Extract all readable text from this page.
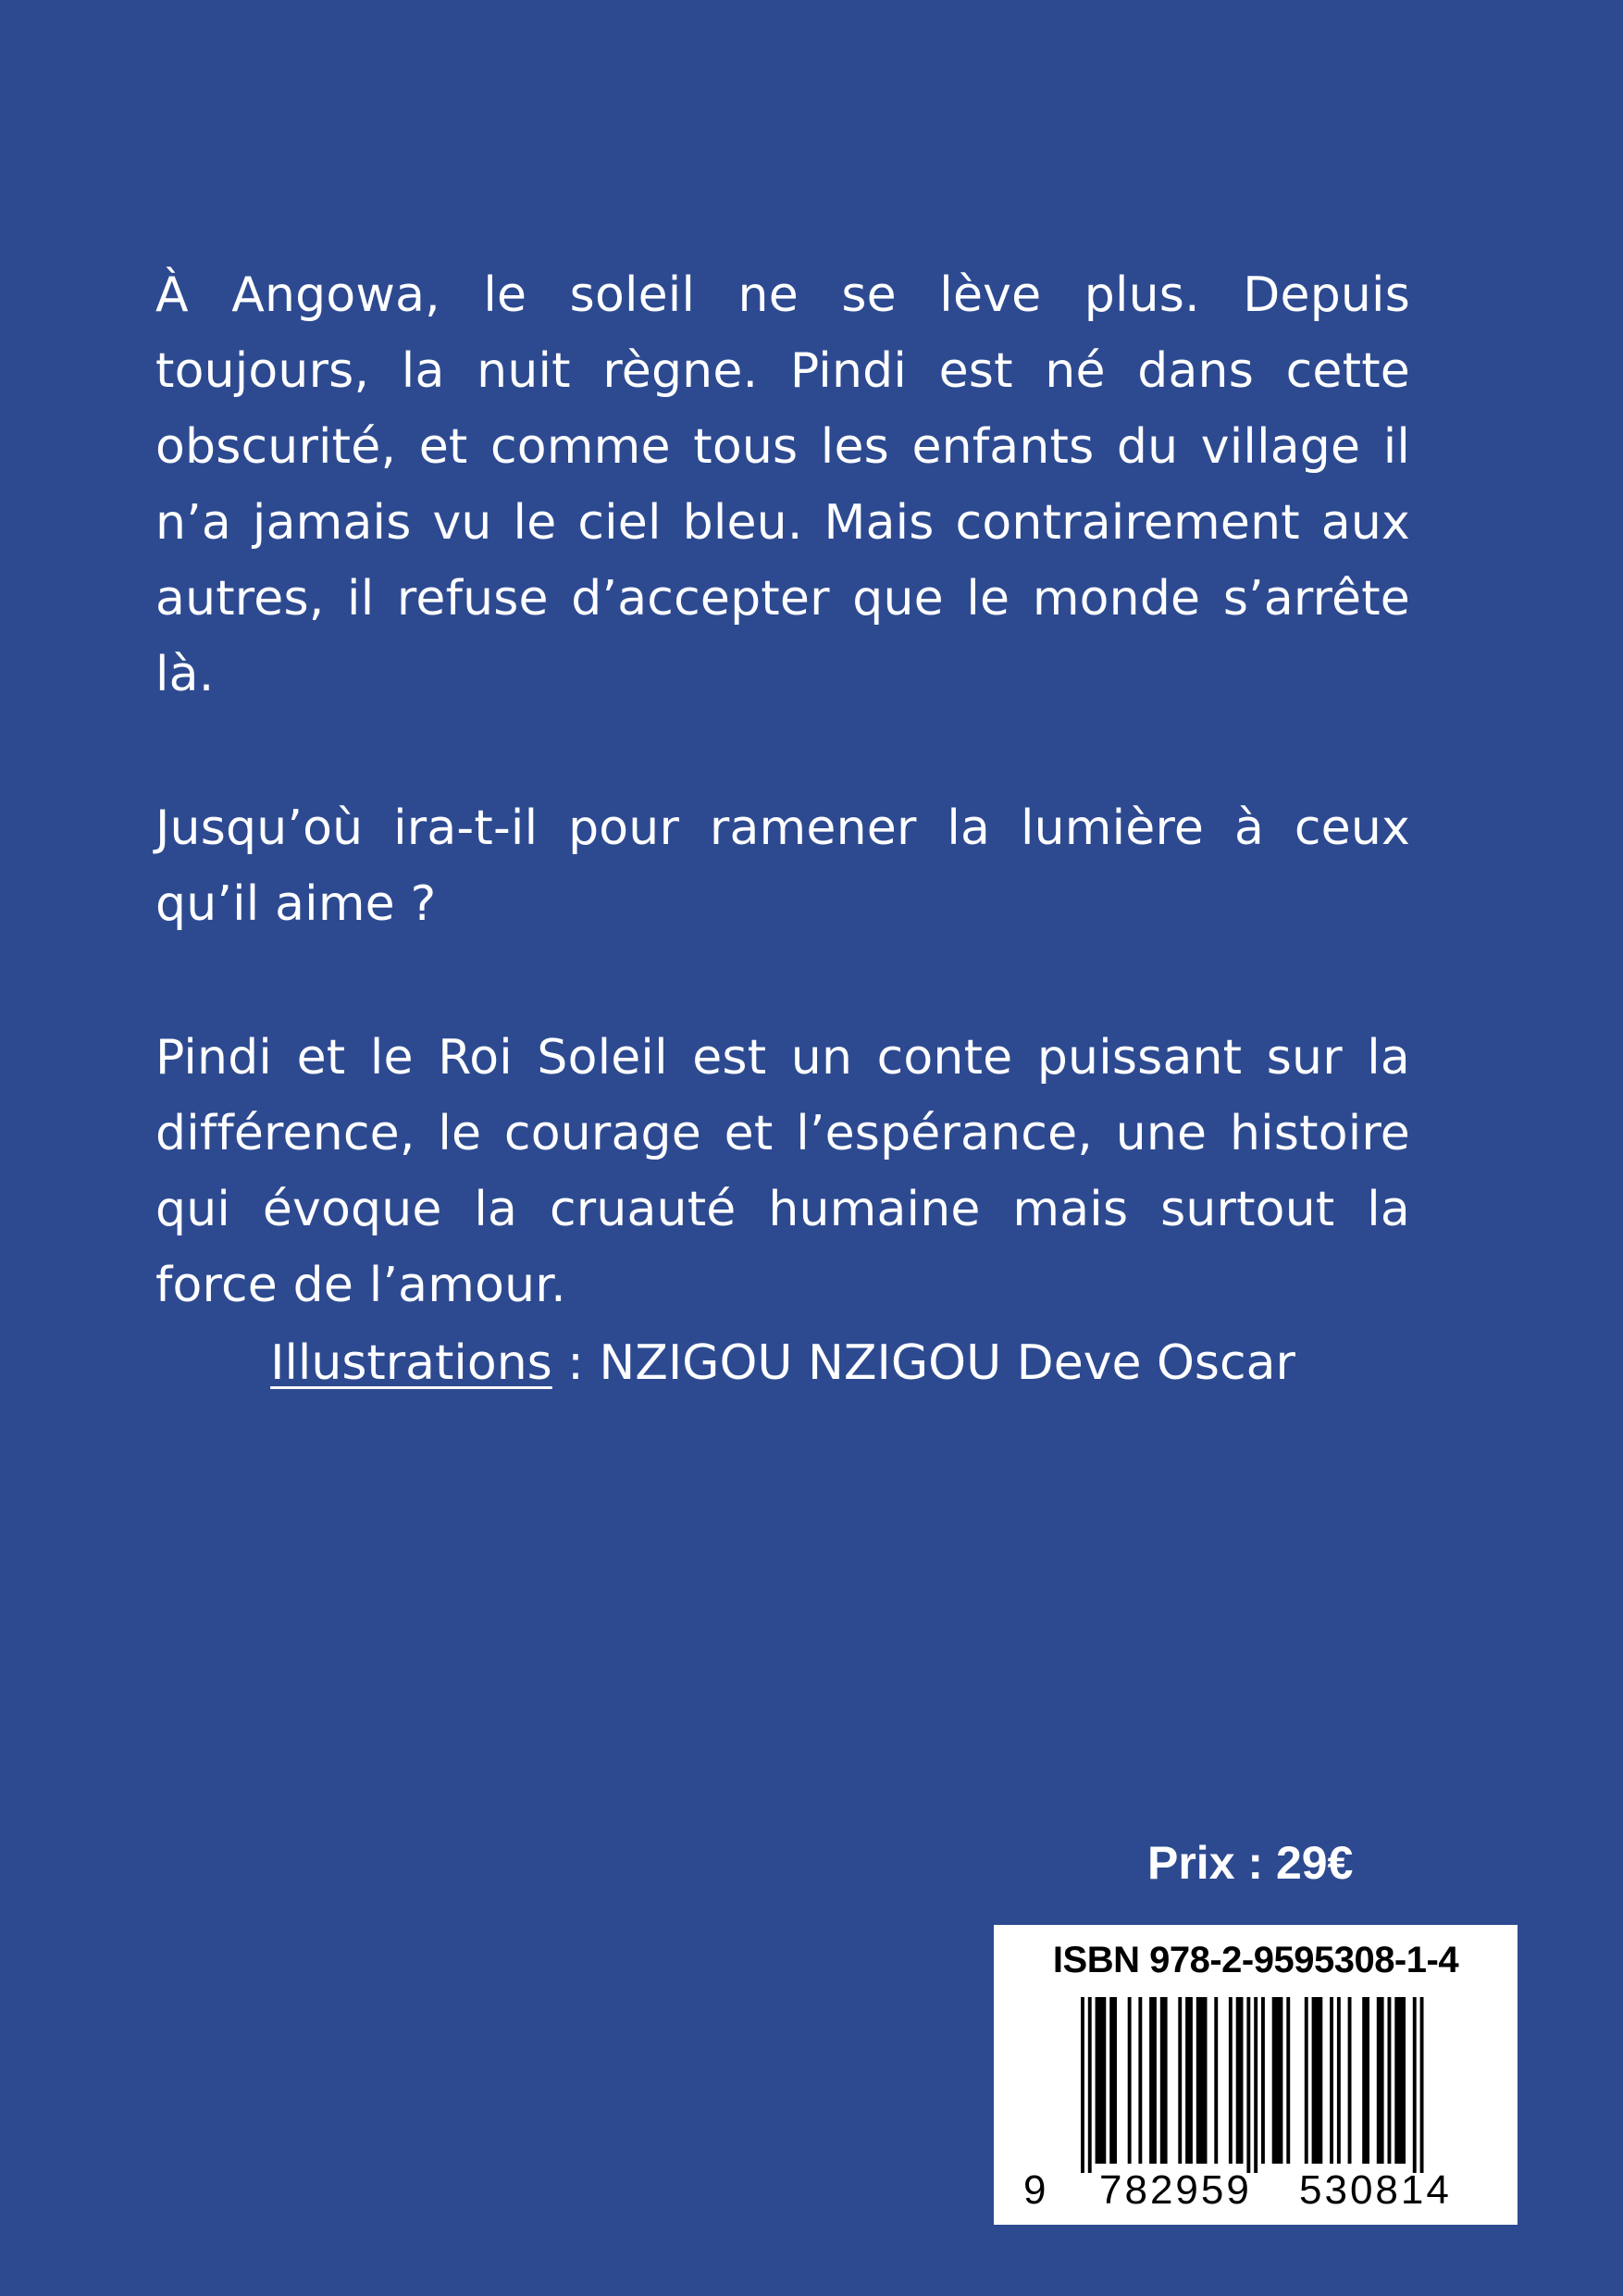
À Angowa, le soleil ne se lève plus. Depuis toujours, la nuit règne. Pindi est né dans cette obscurité, et comme tous les enfants du village il n’a jamais vu le ciel bleu. Mais contrairement aux autres, il refuse d’accepter que le monde s’arrête là.

Jusqu’où ira-t-il pour ramener la lumière à ceux qu’il aime ?

Pindi et le Roi Soleil est un conte puissant sur la différence, le courage et l’espérance, une histoire qui évoque la cruauté humaine mais surtout la force de l’amour.

Illustrations : NZIGOU NZIGOU Deve Oscar
Prix : 29€
ISBN 978-2-9595308-1-4
9 782959 530814
